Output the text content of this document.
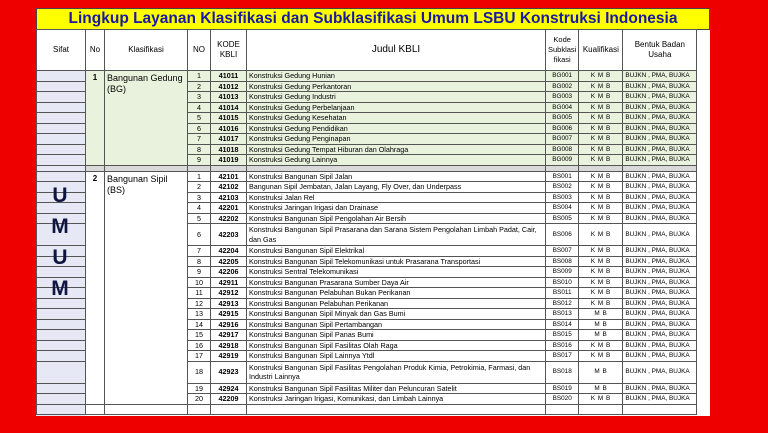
Lingkup Layanan Klasifikasi dan Subklasifikasi Umum LSBU Konstruksi Indonesia
Sifat	No	Klasifikasi	NO	KODE KBLI	Judul KBLI	Kode Subklasi fikasi	Kualifikasi	Bentuk Badan Usaha
	1	Bangunan Gedung (BG)	1	41011	Konstruksi Gedung Hunian	BG001	K M B	BUJKN , PMA, BUJKA
			2	41012	Konstruksi Gedung Perkantoran	BG002	K M B	BUJKN , PMA, BUJKA
			3	41013	Konstruksi Gedung Industri	BG003	K M B	BUJKN , PMA, BUJKA
			4	41014	Konstruksi Gedung Perbelanjaan	BG004	K M B	BUJKN , PMA, BUJKA
			5	41015	Konstruksi Gedung Kesehatan	BG005	K M B	BUJKN , PMA, BUJKA
			6	41016	Konstruksi Gedung Pendidikan	BG006	K M B	BUJKN , PMA, BUJKA
			7	41017	Konstruksi Gedung Penginapan	BG007	K M B	BUJKN , PMA, BUJKA
			8	41018	Konstruksi Gedung Tempat Hiburan dan Olahraga	BG008	K M B	BUJKN , PMA, BUJKA
			9	41019	Konstruksi Gedung Lainnya	BG009	K M B	BUJKN , PMA, BUJKA

	2	Bangunan Sipil (BS)	1	42101	Konstruksi Bangunan Sipil Jalan	BS001	K M B	BUJKN , PMA, BUJKA
			2	42102	Bangunan Sipil Jembatan, Jalan Layang, Fly Over, dan Underpass	BS002	K M B	BUJKN , PMA, BUJKA
			3	42103	Konstruksi Jalan Rel	BS003	K M B	BUJKN , PMA, BUJKA
			4	42201	Konstruksi Jaringan Irigasi dan Drainase	BS004	K M B	BUJKN , PMA, BUJKA
			5	42202	Konstruksi Bangunan Sipil Pengolahan Air Bersih	BS005	K M B	BUJKN , PMA, BUJKA
			6	42203	Konstruksi Bangunan Sipil Prasarana dan Sarana Sistem Pengolahan Limbah Padat, Cair, dan Gas	BS006	K M B	BUJKN , PMA, BUJKA
			7	42204	Konstruksi Bangunan Sipil Elektrikal	BS007	K M B	BUJKN , PMA, BUJKA
			8	42205	Konstruksi Bangunan Sipil Telekomunikasi untuk Prasarana Transportasi	BS008	K M B	BUJKN , PMA, BUJKA
			9	42206	Konstruksi Sentral Telekomunikasi	BS009	K M B	BUJKN , PMA, BUJKA
			10	42911	Konstruksi Bangunan Prasarana Sumber Daya Air	BS010	K M B	BUJKN , PMA, BUJKA
			11	42912	Konstruksi Bangunan Pelabuhan Bukan Perikanan	BS011	K M B	BUJKN , PMA, BUJKA
			12	42913	Konstruksi Bangunan Pelabuhan Perikanan	BS012	K M B	BUJKN , PMA, BUJKA
			13	42915	Konstruksi Bangunan Sipil Minyak dan Gas Bumi	BS013	M B	BUJKN , PMA, BUJKA
			14	42916	Konstruksi Bangunan Sipil Pertambangan	BS014	M B	BUJKN , PMA, BUJKA
			15	42917	Konstruksi Bangunan Sipil Panas Bumi	BS015	M B	BUJKN , PMA, BUJKA
			16	42918	Konstruksi Bangunan Sipil Fasilitas Olah Raga	BS016	K M B	BUJKN , PMA, BUJKA
			17	42919	Konstruksi Bangunan Sipil Lainnya Ytdl	BS017	K M B	BUJKN , PMA, BUJKA
			18	42923	Konstruksi Bangunan Sipil Fasilitas Pengolahan Produk Kimia, Petrokimia, Farmasi, dan Industri Lainnya	BS018	M B	BUJKN , PMA, BUJKA
			19	42924	Konstruksi Bangunan Sipil Fasilitas Militer dan Peluncuran Satelit	BS019	M B	BUJKN , PMA, BUJKA
			20	42209	Konstruksi Jaringan Irigasi, Komunikasi, dan Limbah Lainnya	BS020	K M B	BUJKN , PMA, BUJKA

U
M
U
M
